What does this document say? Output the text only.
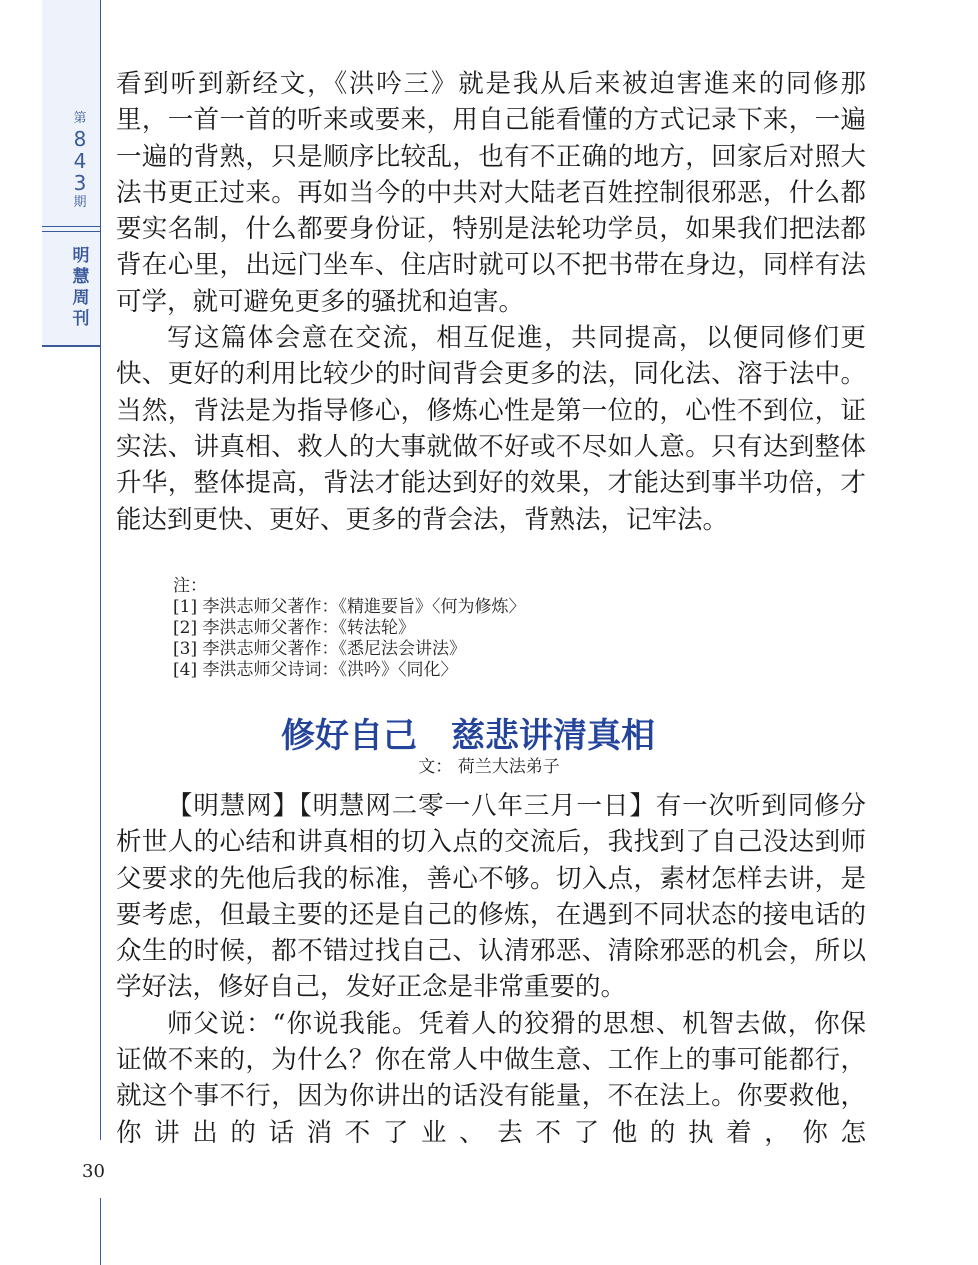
第
8
4
3
期
明
慧
周
刊

看到听到新经文，《洪吟三》就是我从后来被迫害進来的同修那里，一首一首的听来或要来，用自己能看懂的方式记录下来，一遍一遍的背熟，只是顺序比较乱，也有不正确的地方，回家后对照大法书更正过来。再如当今的中共对大陆老百姓控制很邪恶，什么都要实名制，什么都要身份证，特别是法轮功学员，如果我们把法都背在心里，出远门坐车、住店时就可以不把书带在身边，同样有法可学，就可避免更多的骚扰和迫害。

写这篇体会意在交流，相互促進，共同提高，以便同修们更快、更好的利用比较少的时间背会更多的法，同化法、溶于法中。当然，背法是为指导修心，修炼心性是第一位的，心性不到位，证实法、讲真相、救人的大事就做不好或不尽如人意。只有达到整体升华，整体提高，背法才能达到好的效果，才能达到事半功倍，才能达到更快、更好、更多的背会法，背熟法，记牢法。

注：
[1] 李洪志师父著作：《精進要旨》〈何为修炼〉
[2] 李洪志师父著作：《转法轮》
[3] 李洪志师父著作：《悉尼法会讲法》
[4] 李洪志师父诗词：《洪吟》〈同化〉
修好自己　慈悲讲清真相
文： 荷兰大法弟子

【明慧网】【明慧网二零一八年三月一日】有一次听到同修分析世人的心结和讲真相的切入点的交流后，我找到了自己没达到师父要求的先他后我的标准，善心不够。切入点，素材怎样去讲，是要考虑，但最主要的还是自己的修炼，在遇到不同状态的接电话的众生的时候，都不错过找自己、认清邪恶、清除邪恶的机会，所以学好法，修好自己，发好正念是非常重要的。

师父说：“你说我能。凭着人的狡猾的思想、机智去做，你保证做不来的，为什么？你在常人中做生意、工作上的事可能都行，就这个事不行，因为你讲出的话没有能量，不在法上。你要救他，你讲出的话消不了业、去不了他的执着，你怎

30
